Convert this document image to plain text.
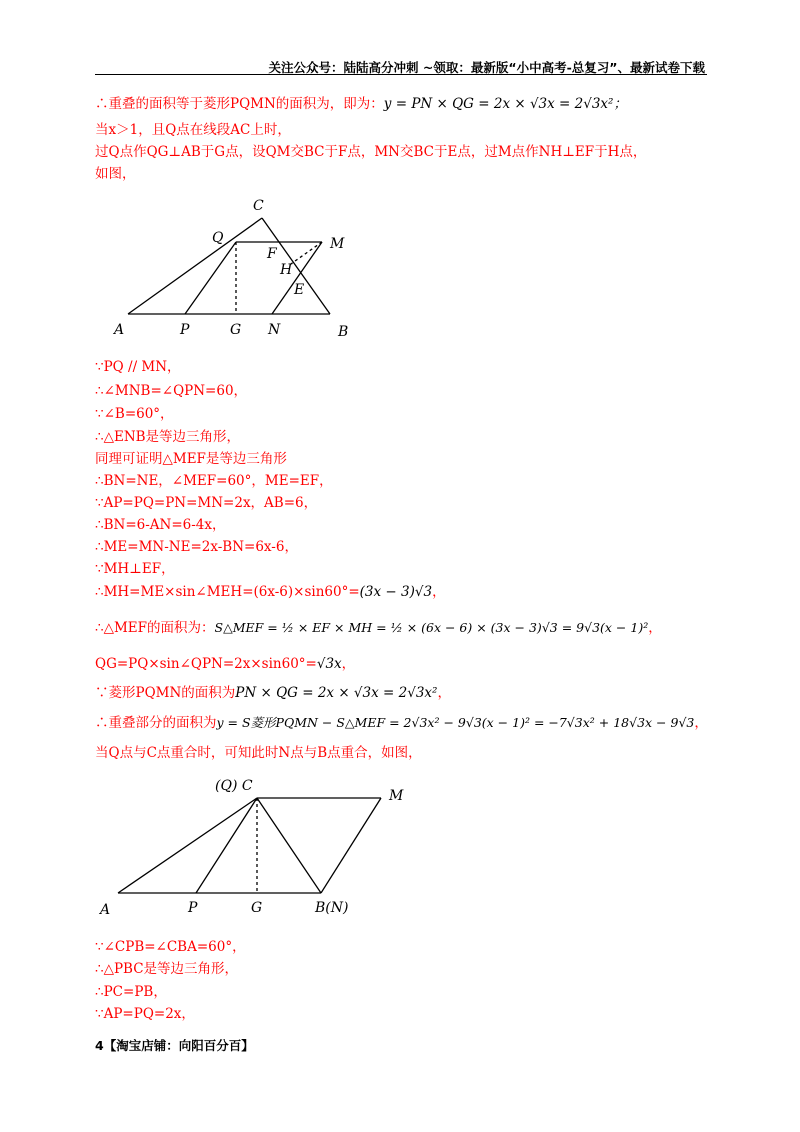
关注公众号：陆陆高分冲刺 ~领取：最新版“小中高考-总复习”、最新试卷下载
∴重叠的面积等于菱形PQMN的面积为，即为：y = PN × QG = 2x × √3x = 2√3x²；
当x＞1，且Q点在线段AC上时，
过Q点作QG⊥AB于G点，设QM交BC于F点，MN交BC于E点，过M点作NH⊥EF于H点，
如图，
A	P	G N	B
C
Q	M
F
H
E
∵PQ // MN，
∴∠MNB=∠QPN=60，
∵∠B=60°，
∴△ENB是等边三角形，
同理可证明△MEF是等边三角形
∴BN=NE，∠MEF=60°，ME=EF，
∵AP=PQ=PN=MN=2x，AB=6，
∴BN=6-AN=6-4x，
∴ME=MN-NE=2x-BN=6x-6，
∵MH⊥EF，
∴MH=ME×sin∠MEH=(6x-6)×sin60°=(3x − 3)√3，
∴△MEF的面积为：S△MEF = ½ × EF × MH = ½ × (6x − 6) × (3x − 3)√3 = 9√3(x − 1)²，
QG=PQ×sin∠QPN=2x×sin60°=√3x，
∵菱形PQMN的面积为PN × QG = 2x × √3x = 2√3x²，
∴重叠部分的面积为y = S菱形PQMN − S△MEF = 2√3x² − 9√3(x − 1)² = −7√3x² + 18√3x − 9√3，
当Q点与C点重合时，可知此时N点与B点重合，如图，
(Q) C
M
A	P	G	B(N)
∵∠CPB=∠CBA=60°，
∴△PBC是等边三角形，
∴PC=PB，
∵AP=PQ=2x，
4【淘宝店铺：向阳百分百】
